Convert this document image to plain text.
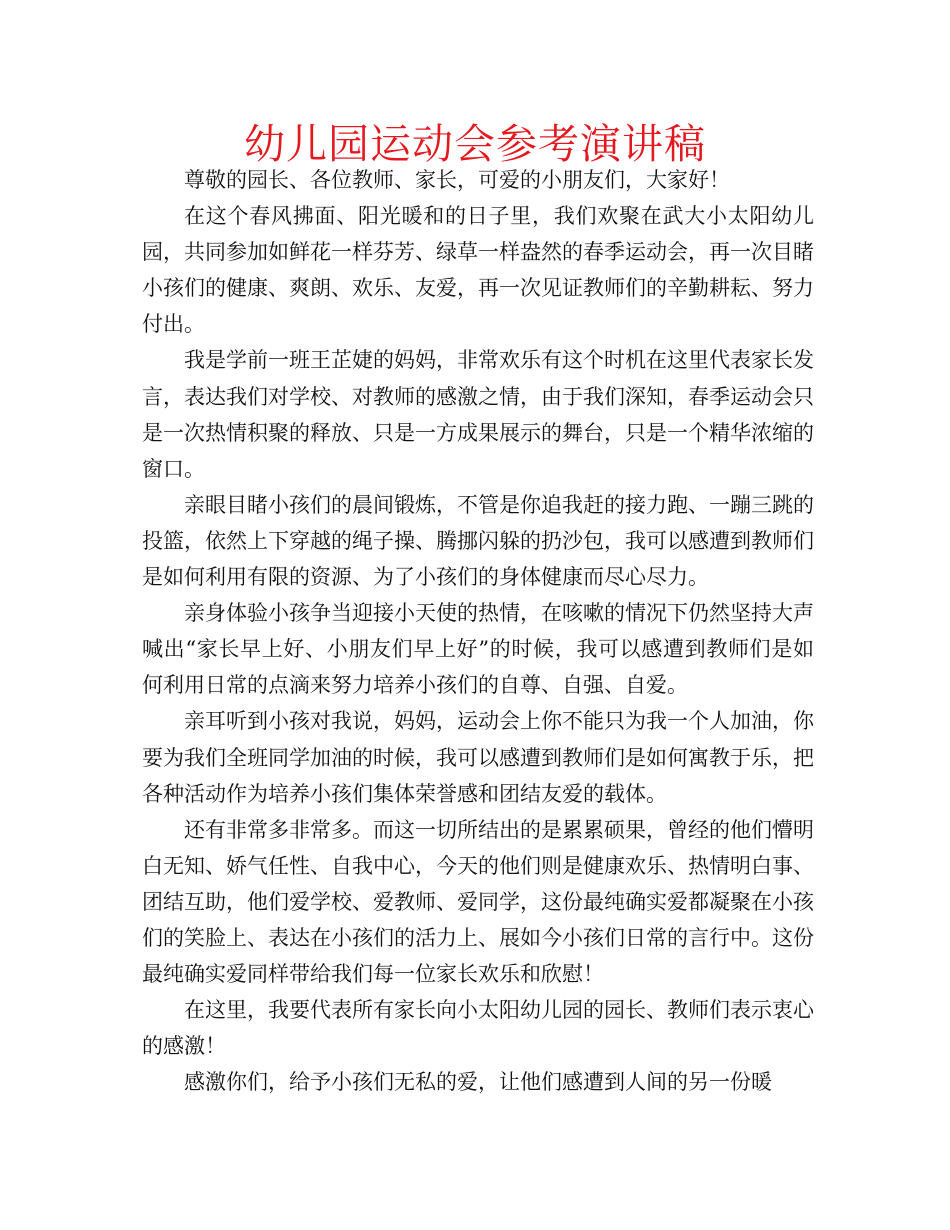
幼儿园运动会参考演讲稿

尊敬的园长、各位教师、家长，可爱的小朋友们，大家好！

在这个春风拂面、阳光暖和的日子里，我们欢聚在武大小太阳幼儿园，共同参加如鲜花一样芬芳、绿草一样盎然的春季运动会，再一次目睹小孩们的健康、爽朗、欢乐、友爱，再一次见证教师们的辛勤耕耘、努力付出。

我是学前一班王芷婕的妈妈，非常欢乐有这个时机在这里代表家长发言，表达我们对学校、对教师的感激之情，由于我们深知，春季运动会只是一次热情积聚的释放、只是一方成果展示的舞台，只是一个精华浓缩的窗口。

亲眼目睹小孩们的晨间锻炼，不管是你追我赶的接力跑、一蹦三跳的投篮，依然上下穿越的绳子操、腾挪闪躲的扔沙包，我可以感遭到教师们是如何利用有限的资源、为了小孩们的身体健康而尽心尽力。

亲身体验小孩争当迎接小天使的热情，在咳嗽的情况下仍然坚持大声喊出“家长早上好、小朋友们早上好”的时候，我可以感遭到教师们是如何利用日常的点滴来努力培养小孩们的自尊、自强、自爱。

亲耳听到小孩对我说，妈妈，运动会上你不能只为我一个人加油，你要为我们全班同学加油的时候，我可以感遭到教师们是如何寓教于乐，把各种活动作为培养小孩们集体荣誉感和团结友爱的载体。

还有非常多非常多。而这一切所结出的是累累硕果，曾经的他们懵明白无知、娇气任性、自我中心，今天的他们则是健康欢乐、热情明白事、团结互助，他们爱学校、爱教师、爱同学，这份最纯确实爱都凝聚在小孩们的笑脸上、表达在小孩们的活力上、展如今小孩们日常的言行中。这份最纯确实爱同样带给我们每一位家长欢乐和欣慰！

在这里，我要代表所有家长向小太阳幼儿园的园长、教师们表示衷心的感激！

感激你们，给予小孩们无私的爱，让他们感遭到人间的另一份暖
